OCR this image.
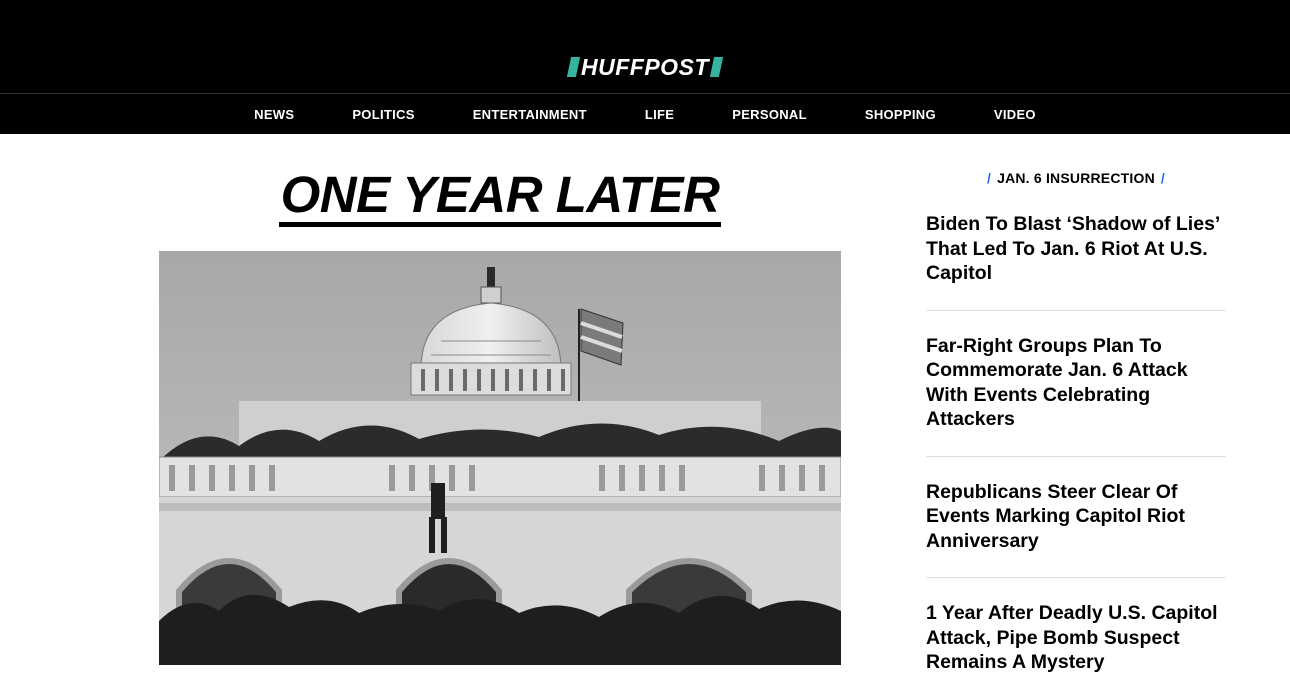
HUFFPOST
NEWS	POLITICS	ENTERTAINMENT	LIFE	PERSONAL	SHOPPING	VIDEO
ONE YEAR LATER	/ JAN. 6 INSURRECTION /
Biden To Blast ‘Shadow of Lies’ That Led To Jan. 6 Riot At U.S. Capitol
Far-Right Groups Plan To Commemorate Jan. 6 Attack With Events Celebrating Attackers
Republicans Steer Clear Of Events Marking Capitol Riot Anniversary
1 Year After Deadly U.S. Capitol Attack, Pipe Bomb Suspect Remains A Mystery
